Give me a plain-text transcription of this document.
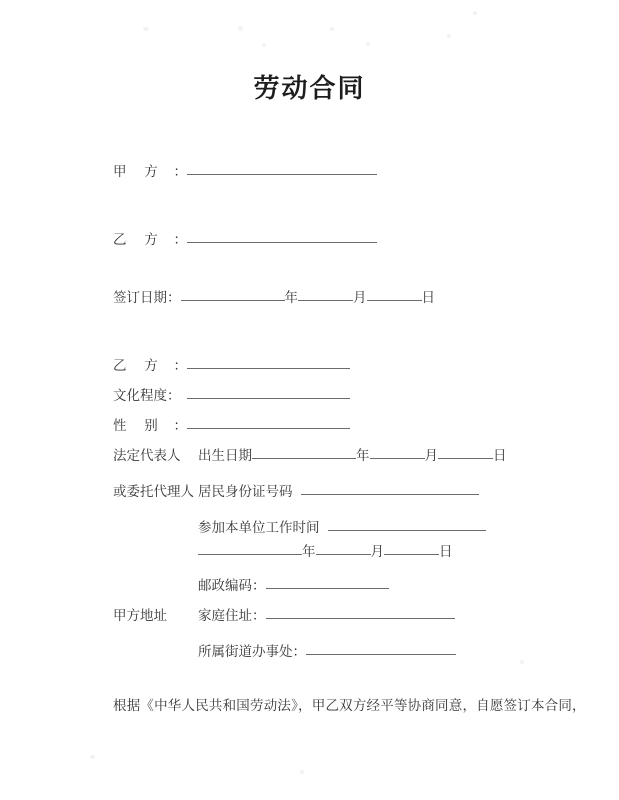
劳动合同
甲 方 ：
乙 方 ：
签订日期：	年	月	日
乙 方 ：
文化程度：
性 别 ：
法定代表人	出生日期	年	月	日
或委托代理人 居民身份证号码
参加本单位工作时间
年	月	日
邮政编码：
甲方地址	家庭住址：
所属街道办事处：
根据《中华人民共和国劳动法》，甲乙双方经平等协商同意，自愿签订本合同，
